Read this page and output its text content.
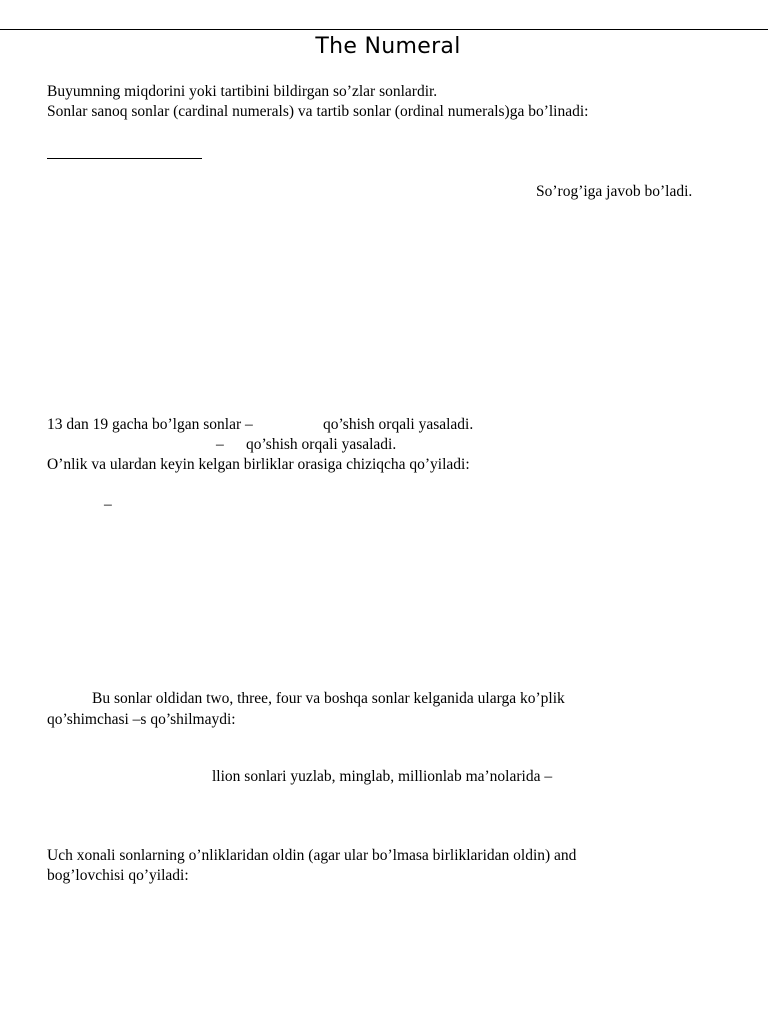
The Numeral
Buyumning miqdorini yoki tartibini bildirgan so’zlar sonlardir.
Sonlar sanoq sonlar (cardinal numerals) va tartib sonlar (ordinal numerals)ga bo’linadi:
So’rog’iga javob bo’ladi.
13 dan 19 gacha bo’lgan sonlar –	qo’shish orqali yasaladi.
– qo’shish orqali yasaladi.
O’nlik va ulardan keyin kelgan birliklar orasiga chiziqcha qo’yiladi:
–
Bu sonlar oldidan two, three, four va boshqa sonlar kelganida ularga ko’plik
qo’shimchasi –s qo’shilmaydi:
llion sonlari yuzlab, minglab, millionlab ma’nolarida –
Uch xonali sonlarning o’nliklaridan oldin (agar ular bo’lmasa birliklaridan oldin) and
bog’lovchisi qo’yiladi:
